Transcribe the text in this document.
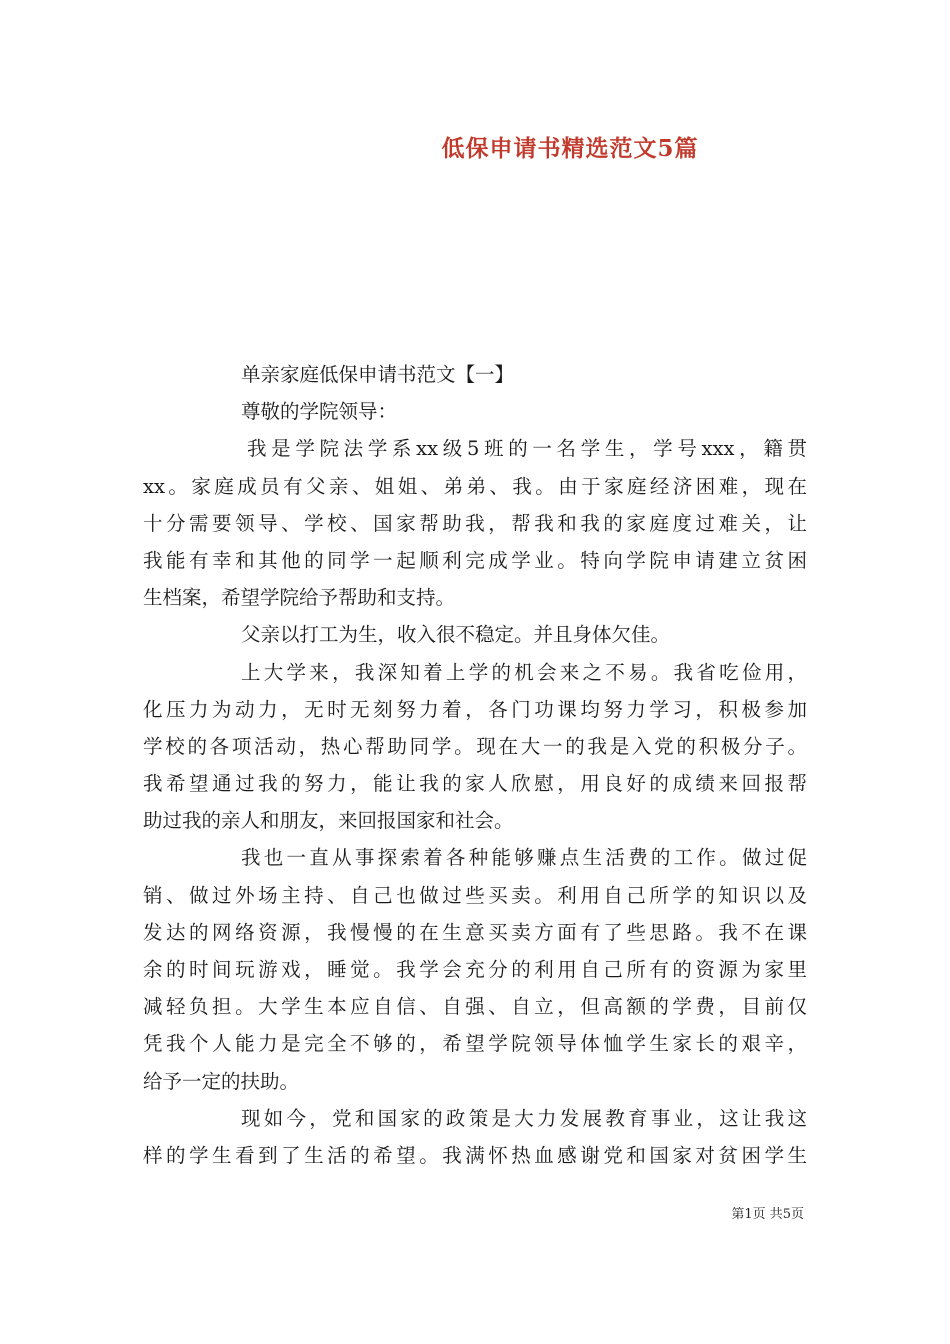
低保申请书精选范文5篇
单亲家庭低保申请书范文【一】
尊敬的学院领导：
我是学院法学系xx级5班的一名学生，学号xxx，籍贯
xx。家庭成员有父亲、姐姐、弟弟、我。由于家庭经济困难，现在
十分需要领导、学校、国家帮助我，帮我和我的家庭度过难关，让
我能有幸和其他的同学一起顺利完成学业。特向学院申请建立贫困
生档案，希望学院给予帮助和支持。
父亲以打工为生，收入很不稳定。并且身体欠佳。
上大学来，我深知着上学的机会来之不易。我省吃俭用，
化压力为动力，无时无刻努力着，各门功课均努力学习，积极参加
学校的各项活动，热心帮助同学。现在大一的我是入党的积极分子。
我希望通过我的努力，能让我的家人欣慰，用良好的成绩来回报帮
助过我的亲人和朋友，来回报国家和社会。
我也一直从事探索着各种能够赚点生活费的工作。做过促
销、做过外场主持、自己也做过些买卖。利用自己所学的知识以及
发达的网络资源，我慢慢的在生意买卖方面有了些思路。我不在课
余的时间玩游戏，睡觉。我学会充分的利用自己所有的资源为家里
减轻负担。大学生本应自信、自强、自立，但高额的学费，目前仅
凭我个人能力是完全不够的，希望学院领导体恤学生家长的艰辛，
给予一定的扶助。
现如今，党和国家的政策是大力发展教育事业，这让我这
样的学生看到了生活的希望。我满怀热血感谢党和国家对贫困学生
第1页 共5页
